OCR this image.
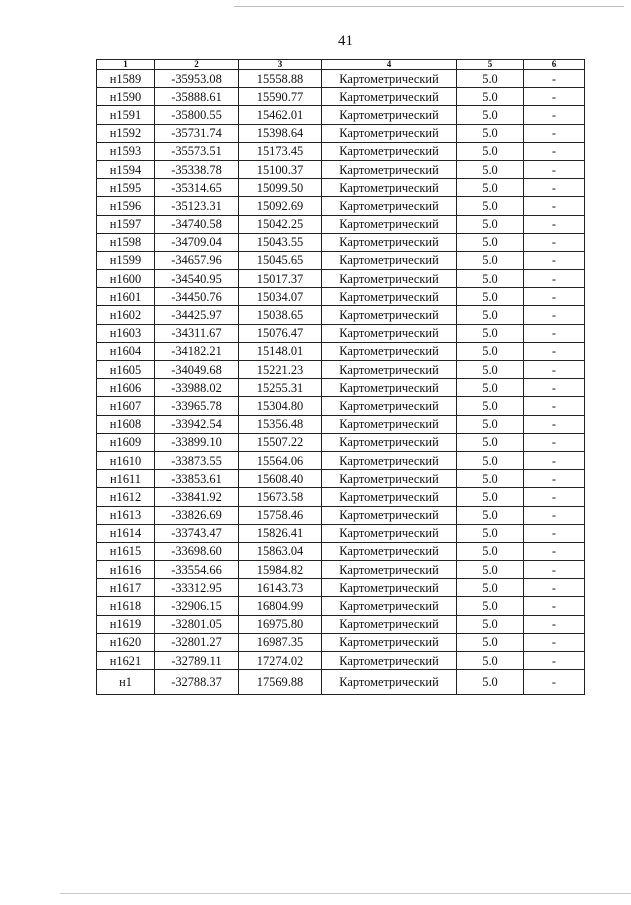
41
1	2	3	4	5	6
н1589	-35953.08	15558.88	Картометрический	5.0	-
н1590	-35888.61	15590.77	Картометрический	5.0	-
н1591	-35800.55	15462.01	Картометрический	5.0	-
н1592	-35731.74	15398.64	Картометрический	5.0	-
н1593	-35573.51	15173.45	Картометрический	5.0	-
н1594	-35338.78	15100.37	Картометрический	5.0	-
н1595	-35314.65	15099.50	Картометрический	5.0	-
н1596	-35123.31	15092.69	Картометрический	5.0	-
н1597	-34740.58	15042.25	Картометрический	5.0	-
н1598	-34709.04	15043.55	Картометрический	5.0	-
н1599	-34657.96	15045.65	Картометрический	5.0	-
н1600	-34540.95	15017.37	Картометрический	5.0	-
н1601	-34450.76	15034.07	Картометрический	5.0	-
н1602	-34425.97	15038.65	Картометрический	5.0	-
н1603	-34311.67	15076.47	Картометрический	5.0	-
н1604	-34182.21	15148.01	Картометрический	5.0	-
н1605	-34049.68	15221.23	Картометрический	5.0	-
н1606	-33988.02	15255.31	Картометрический	5.0	-
н1607	-33965.78	15304.80	Картометрический	5.0	-
н1608	-33942.54	15356.48	Картометрический	5.0	-
н1609	-33899.10	15507.22	Картометрический	5.0	-
н1610	-33873.55	15564.06	Картометрический	5.0	-
н1611	-33853.61	15608.40	Картометрический	5.0	-
н1612	-33841.92	15673.58	Картометрический	5.0	-
н1613	-33826.69	15758.46	Картометрический	5.0	-
н1614	-33743.47	15826.41	Картометрический	5.0	-
н1615	-33698.60	15863.04	Картометрический	5.0	-
н1616	-33554.66	15984.82	Картометрический	5.0	-
н1617	-33312.95	16143.73	Картометрический	5.0	-
н1618	-32906.15	16804.99	Картометрический	5.0	-
н1619	-32801.05	16975.80	Картометрический	5.0	-
н1620	-32801.27	16987.35	Картометрический	5.0	-
н1621	-32789.11	17274.02	Картометрический	5.0	-
н1	-32788.37	17569.88	Картометрический	5.0	-
